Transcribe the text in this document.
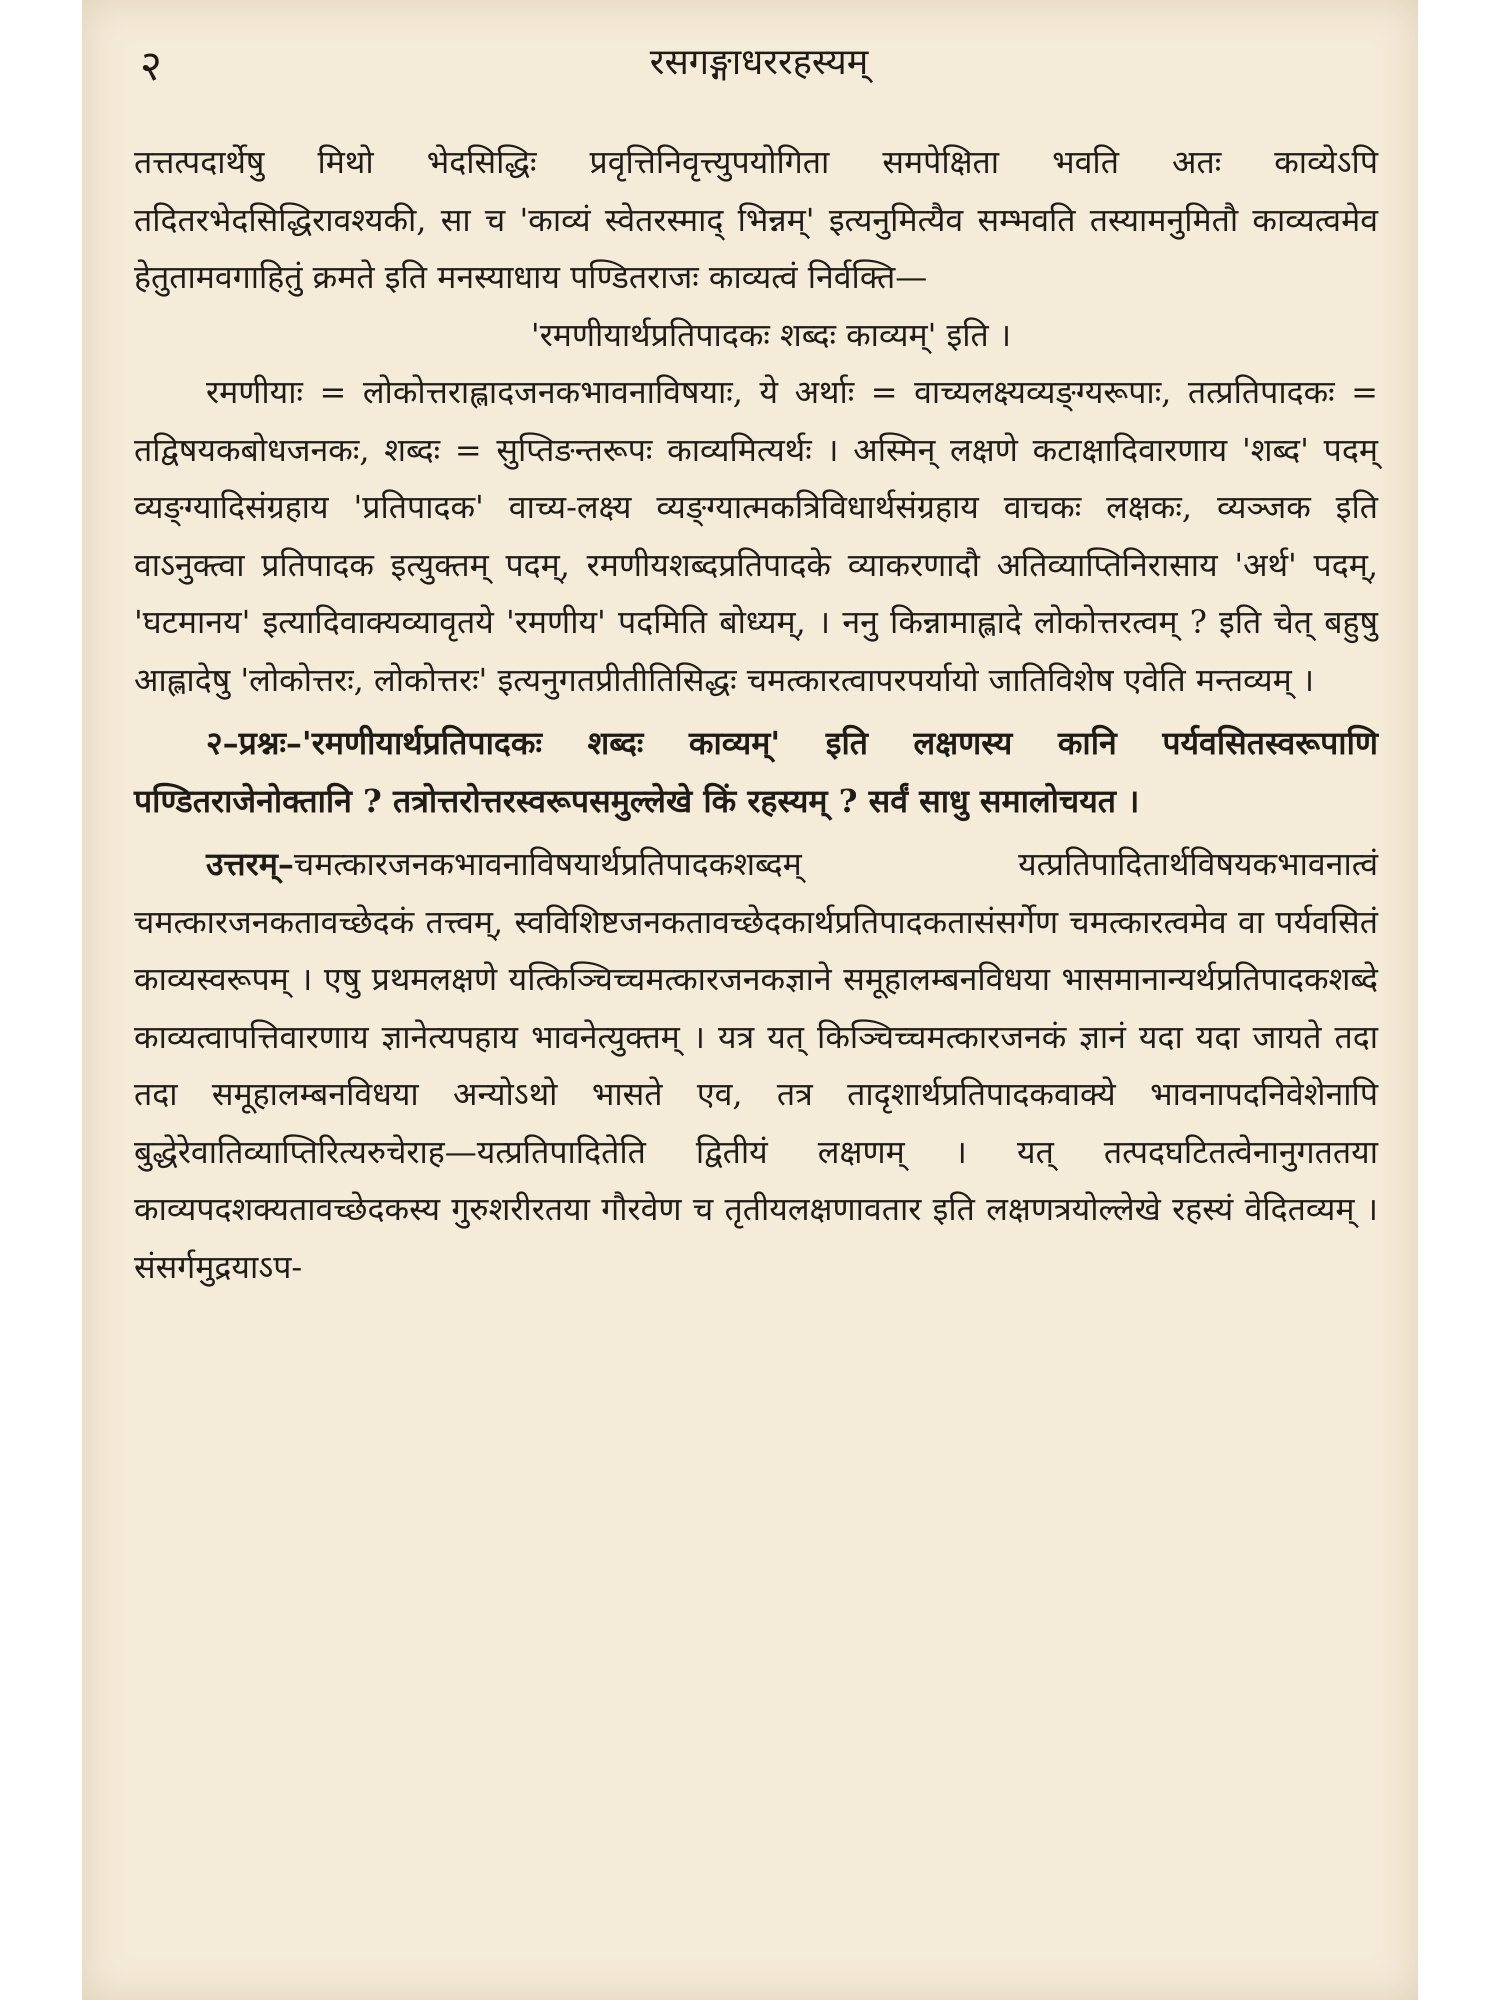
२	रसगङ्गाधररहस्यम्

तत्तत्पदार्थेषु मिथो भेदसिद्धिः प्रवृत्तिनिवृत्त्युपयोगिता समपेक्षिता भवति अतः काव्येऽपि तदितरभेदसिद्धिरावश्यकी, सा च 'काव्यं स्वेतरस्माद् भिन्नम्' इत्यनुमित्यैव सम्भवति तस्यामनुमितौ काव्यत्वमेव हेतुतामवगाहितुं क्रमते इति मनस्याधाय पण्डितराजः काव्यत्वं निर्वक्ति—

'रमणीयार्थप्रतिपादकः शब्दः काव्यम्' इति ।

रमणीयाः = लोकोत्तराह्लादजनकभावनाविषयाः, ये अर्थाः = वाच्यलक्ष्यव्यङ्ग्यरूपाः, तत्प्रतिपादकः = तद्विषयकबोधजनकः, शब्दः = सुप्तिङन्तरूपः काव्यमित्यर्थः । अस्मिन् लक्षणे कटाक्षादिवारणाय 'शब्द' पदम् व्यङ्ग्यादिसंग्रहाय 'प्रतिपादक' वाच्य-लक्ष्य व्यङ्ग्यात्मकत्रिविधार्थसंग्रहाय वाचकः लक्षकः, व्यञ्जक इति वाऽनुक्त्वा प्रतिपादक इत्युक्तम् पदम्, रमणीयशब्दप्रतिपादके व्याकरणादौ अतिव्याप्तिनिरासाय 'अर्थ' पदम्, 'घटमानय' इत्यादिवाक्यव्यावृतये 'रमणीय' पदमिति बोध्यम्, । ननु किन्नामाह्लादे लोकोत्तरत्वम् ? इति चेत् बहुषु आह्लादेषु 'लोकोत्तरः, लोकोत्तरः' इत्यनुगतप्रीतीतिसिद्धः चमत्कारत्वापरपर्यायो जातिविशेष एवेति मन्तव्यम् ।

२–प्रश्नः–'रमणीयार्थप्रतिपादकः शब्दः काव्यम्' इति लक्षणस्य कानि पर्यवसितस्वरूपाणि पण्डितराजेनोक्तानि ? तत्रोत्तरोत्तरस्वरूपसमुल्लेखे किं रहस्यम् ? सर्वं साधु समालोचयत ।

उत्तरम्–चमत्कारजनकभावनाविषयार्थप्रतिपादकशब्दम् यत्प्रतिपादितार्थविषयकभावनात्वं चमत्कारजनकतावच्छेदकं तत्त्वम्, स्वविशिष्टजनकतावच्छेदकार्थप्रतिपादकतासंसर्गेण चमत्कारत्वमेव वा पर्यवसितं काव्यस्वरूपम् । एषु प्रथमलक्षणे यत्किञ्चिच्चमत्कारजनकज्ञाने समूहालम्बनविधया भासमानान्यर्थप्रतिपादकशब्दे काव्यत्वापत्तिवारणाय ज्ञानेत्यपहाय भावनेत्युक्तम् । यत्र यत् किञ्चिच्चमत्कारजनकं ज्ञानं यदा यदा जायते तदा तदा समूहालम्बनविधया अन्योऽथो भासते एव, तत्र तादृशार्थप्रतिपादकवाक्ये भावनापदनिवेशेनापि बुद्धेरेवातिव्याप्तिरित्यरुचेराह—यत्प्रतिपादितेति द्वितीयं लक्षणम् । यत् तत्पदघटितत्वेनानुगततया काव्यपदशक्यतावच्छेदकस्य गुरुशरीरतया गौरवेण च तृतीयलक्षणावतार इति लक्षणत्रयोल्लेखे रहस्यं वेदितव्यम् । संसर्गमुद्रयाऽप-
